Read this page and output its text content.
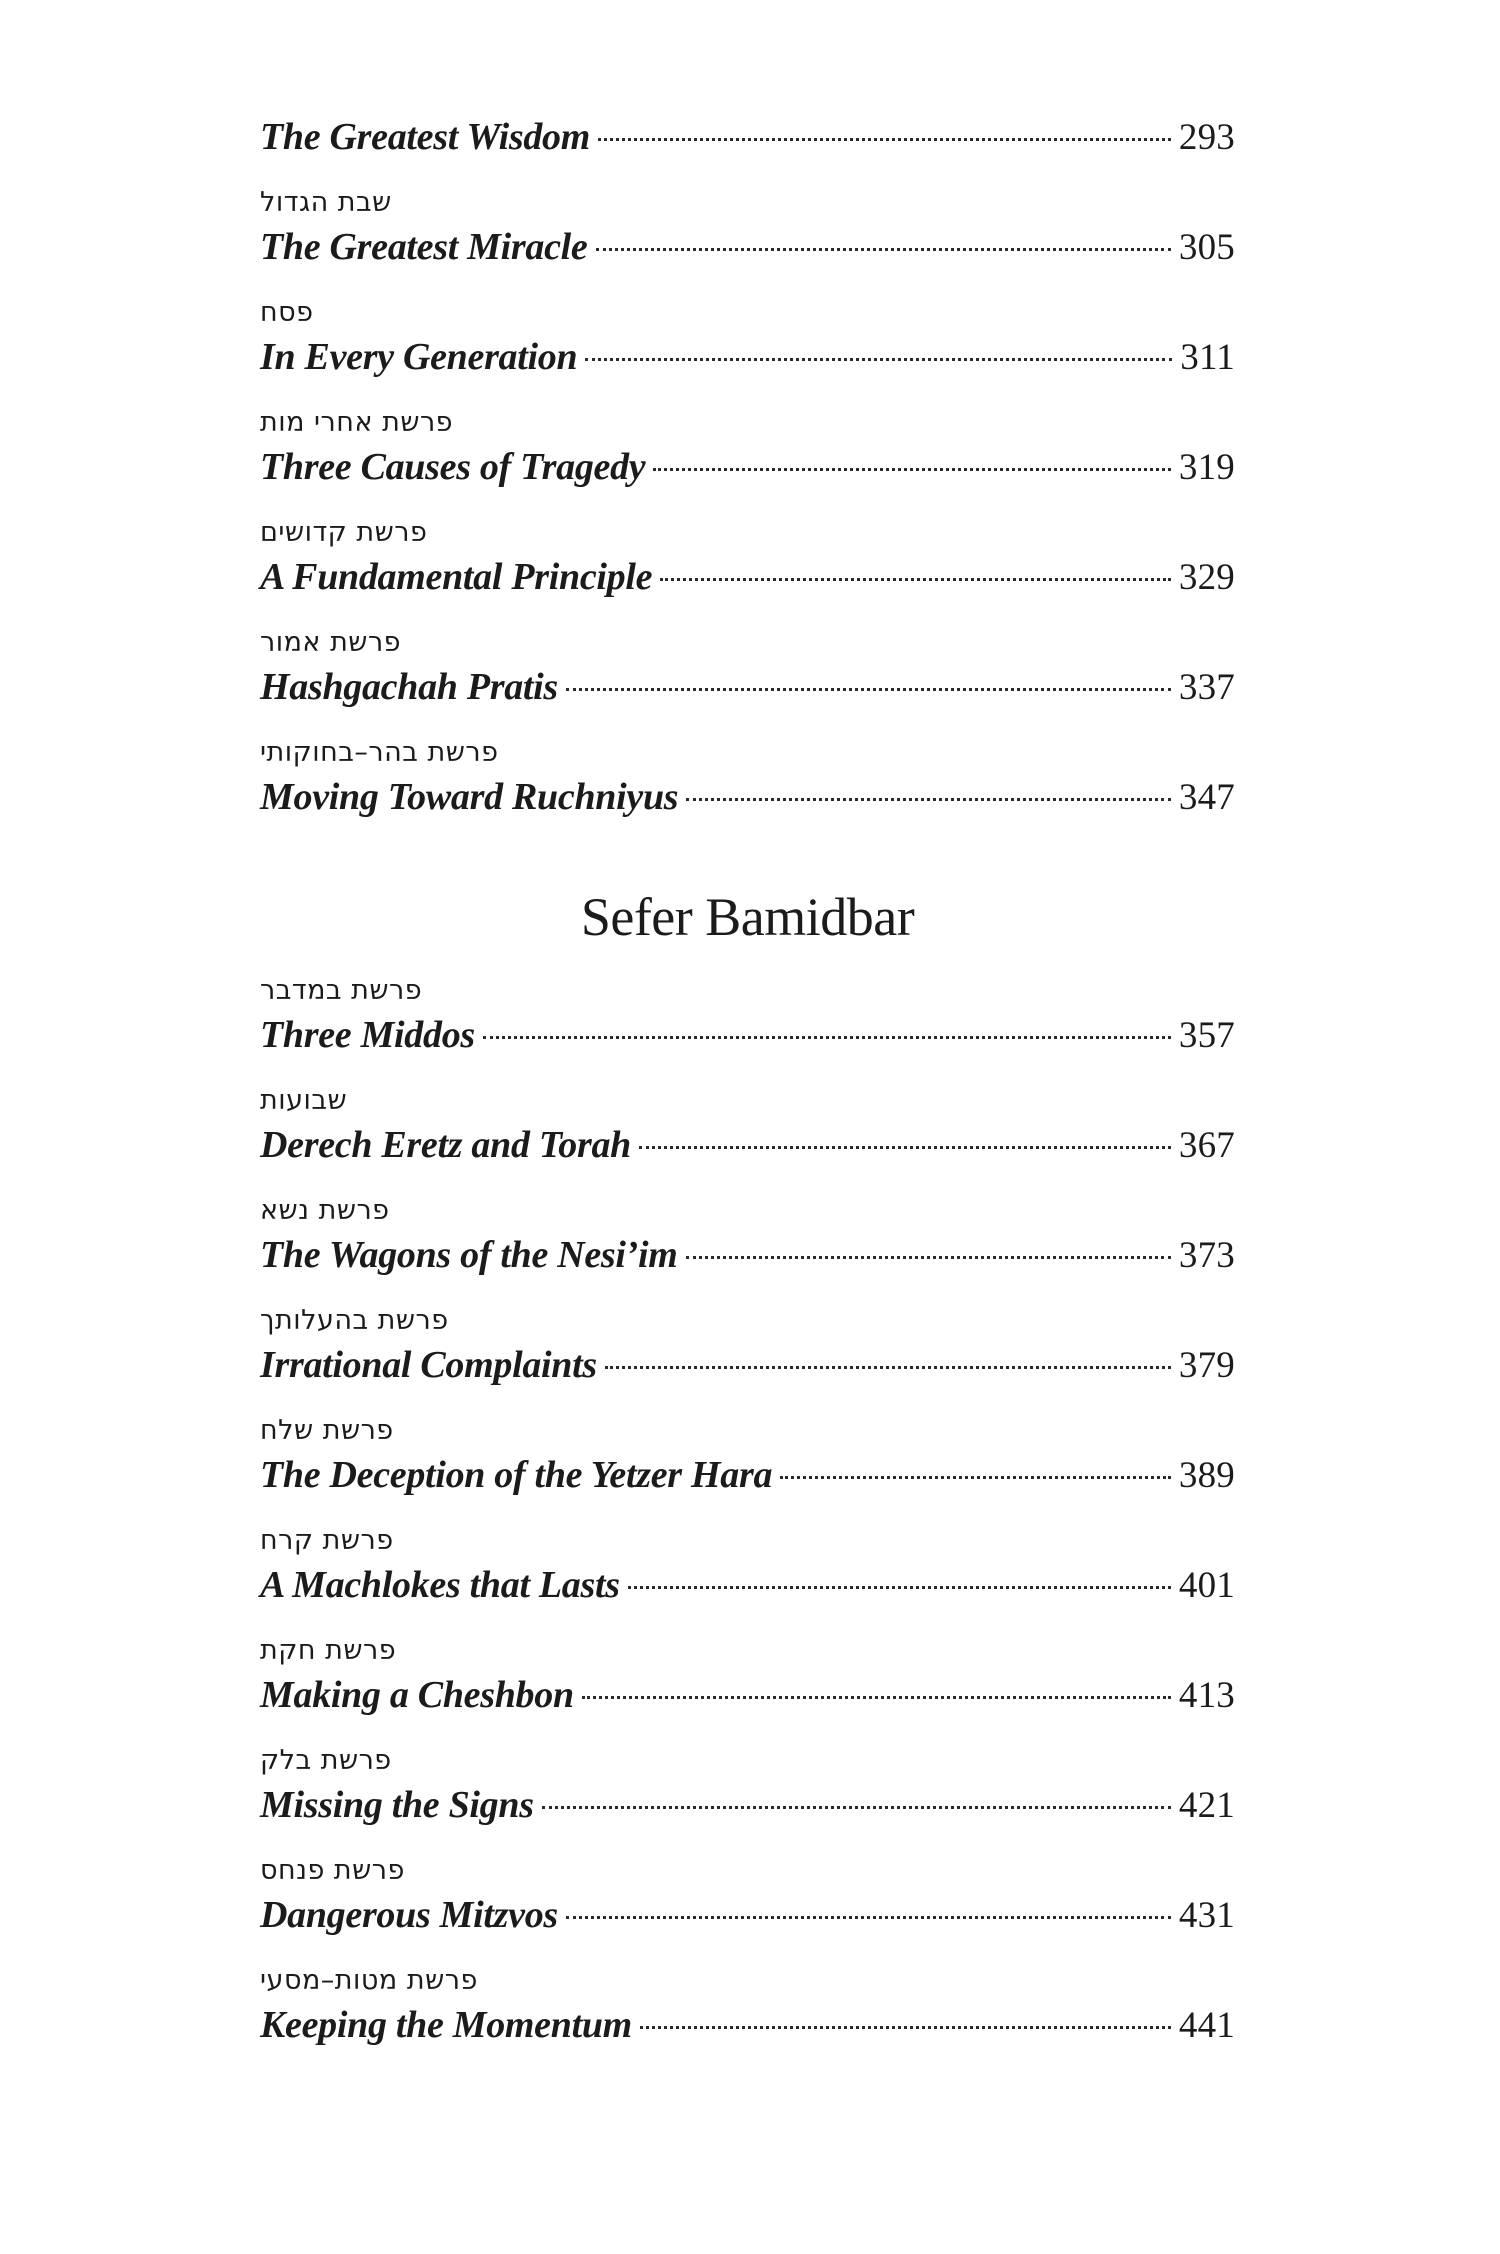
The Greatest Wisdom	293
שבת הגדול
The Greatest Miracle	305
פסח
In Every Generation	311
פרשת אחרי מות
Three Causes of Tragedy	319
פרשת קדושים
A Fundamental Principle	329
פרשת אמור
Hashgachah Pratis	337
פרשת בהר–בחוקותי
Moving Toward Ruchniyus	347
Sefer Bamidbar
פרשת במדבר
Three Middos	357
שבועות
Derech Eretz and Torah	367
פרשת נשא
The Wagons of the Nesi’im	373
פרשת בהעלותך
Irrational Complaints	379
פרשת שלח
The Deception of the Yetzer Hara	389
פרשת קרח
A Machlokes that Lasts	401
פרשת חקת
Making a Cheshbon	413
פרשת בלק
Missing the Signs	421
פרשת פנחס
Dangerous Mitzvos	431
פרשת מטות–מסעי
Keeping the Momentum	441
